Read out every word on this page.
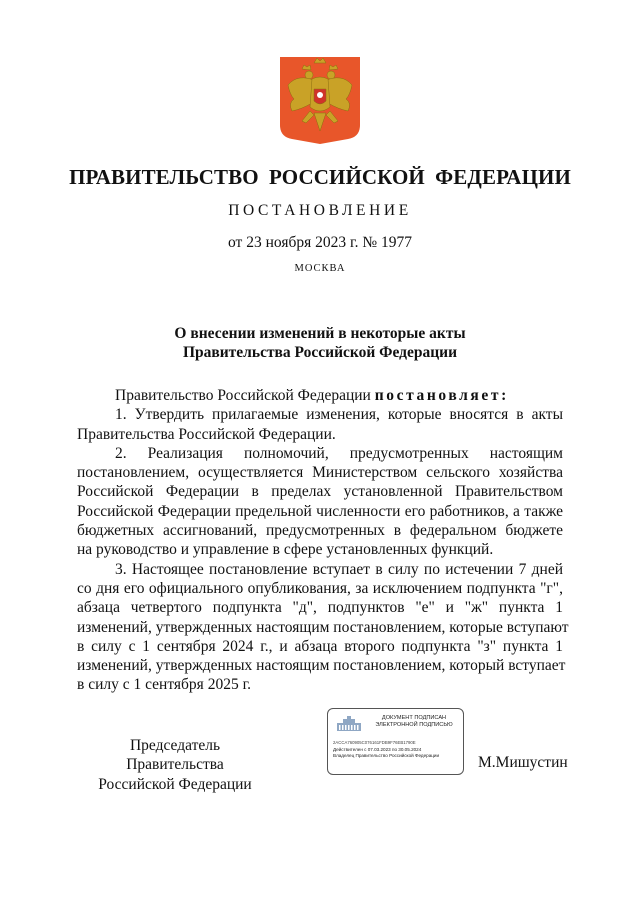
ПРАВИТЕЛЬСТВО РОССИЙСКОЙ ФЕДЕРАЦИИ
ПОСТАНОВЛЕНИЕ
от 23 ноября 2023 г. № 1977
МОСКВА
О внесении изменений в некоторые акты
Правительства Российской Федерации
Правительство Российской Федерации постановляет:
1. Утвердить прилагаемые изменения, которые вносятся в акты
Правительства Российской Федерации.
2. Реализация полномочий, предусмотренных настоящим
постановлением, осуществляется Министерством сельского хозяйства
Российской Федерации в пределах установленной Правительством
Российской Федерации предельной численности его работников, а также
бюджетных ассигнований, предусмотренных в федеральном бюджете
на руководство и управление в сфере установленных функций.
3. Настоящее постановление вступает в силу по истечении 7 дней
со дня его официального опубликования, за исключением подпункта "г",
абзаца четвертого подпункта "д", подпунктов "е" и "ж" пункта 1
изменений, утвержденных настоящим постановлением, которые вступают
в силу с 1 сентября 2024 г., и абзаца второго подпункта "з" пункта 1
изменений, утвержденных настоящим постановлением, который вступает
в силу с 1 сентября 2025 г.
Председатель Правительства
Российской Федерации
ДОКУМЕНТ ПОДПИСАН
ЭЛЕКТРОННОЙ ПОДПИСЬЮ
2ACCA760905C076161FDB9F76EB1790E
Действителен с 07.03.2023 по 30.05.2024
Владелец Правительство Российской Федерации	М.Мишустин
